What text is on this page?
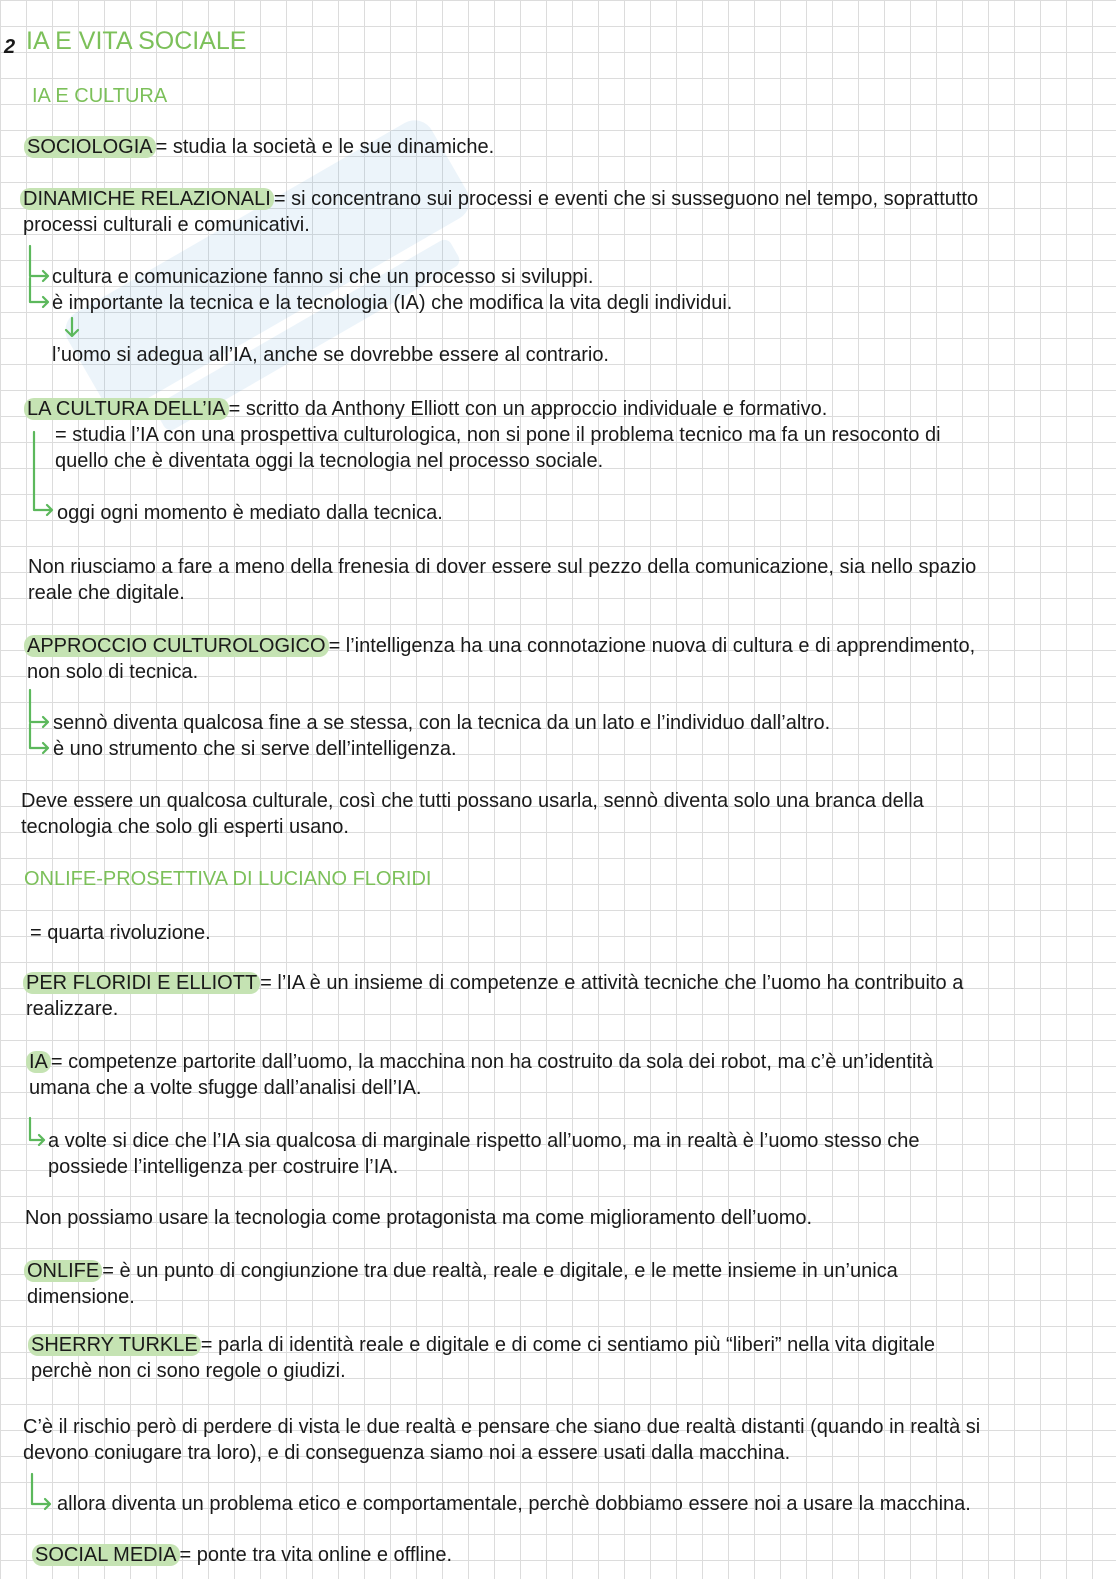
2 IA E VITA SOCIALE
IA E CULTURA
SOCIOLOGIA = studia la società e le sue dinamiche.
DINAMICHE RELAZIONALI = si concentrano sui processi e eventi che si susseguono nel tempo, soprattutto
processi culturali e comunicativi.
cultura e comunicazione fanno si che un processo si sviluppi.
è importante la tecnica e la tecnologia (IA) che modifica la vita degli individui.
l’uomo si adegua all’IA, anche se dovrebbe essere al contrario.
LA CULTURA DELL’IA = scritto da Anthony Elliott con un approccio individuale e formativo.
= studia l’IA con una prospettiva culturologica, non si pone il problema tecnico ma fa un resoconto di
quello che è diventata oggi la tecnologia nel processo sociale.
oggi ogni momento è mediato dalla tecnica.
Non riusciamo a fare a meno della frenesia di dover essere sul pezzo della comunicazione, sia nello spazio
reale che digitale.
APPROCCIO CULTUROLOGICO = l’intelligenza ha una connotazione nuova di cultura e di apprendimento,
non solo di tecnica.
sennò diventa qualcosa fine a se stessa, con la tecnica da un lato e l’individuo dall’altro.
è uno strumento che si serve dell’intelligenza.
Deve essere un qualcosa culturale, così che tutti possano usarla, sennò diventa solo una branca della
tecnologia che solo gli esperti usano.
ONLIFE-PROSETTIVA DI LUCIANO FLORIDI
= quarta rivoluzione.
PER FLORIDI E ELLIOTT = l’IA è un insieme di competenze e attività tecniche che l’uomo ha contribuito a
realizzare.
IA = competenze partorite dall’uomo, la macchina non ha costruito da sola dei robot, ma c’è un’identità
umana che a volte sfugge dall’analisi dell’IA.
a volte si dice che l’IA sia qualcosa di marginale rispetto all’uomo, ma in realtà è l’uomo stesso che
possiede l’intelligenza per costruire l’IA.
Non possiamo usare la tecnologia come protagonista ma come miglioramento dell’uomo.
ONLIFE = è un punto di congiunzione tra due realtà, reale e digitale, e le mette insieme in un’unica
dimensione.
SHERRY TURKLE = parla di identità reale e digitale e di come ci sentiamo più “liberi” nella vita digitale
perchè non ci sono regole o giudizi.
C’è il rischio però di perdere di vista le due realtà e pensare che siano due realtà distanti (quando in realtà si
devono coniugare tra loro), e di conseguenza siamo noi a essere usati dalla macchina.
allora diventa un problema etico e comportamentale, perchè dobbiamo essere noi a usare la macchina.
SOCIAL MEDIA = ponte tra vita online e offline.
